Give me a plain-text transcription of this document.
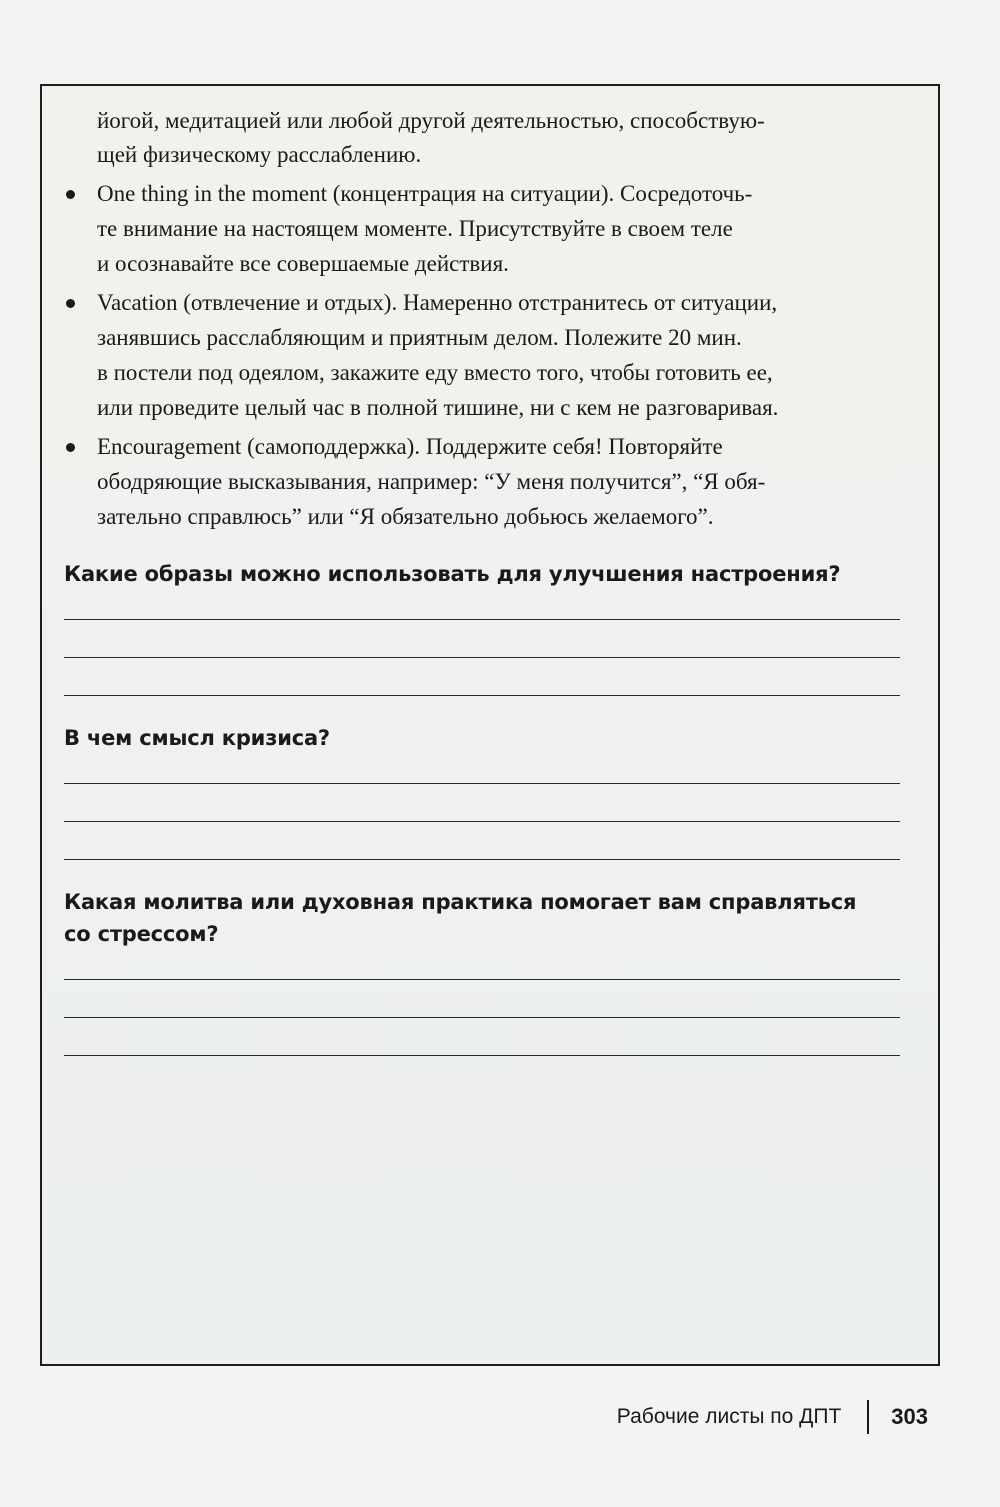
йогой, медитацией или любой другой деятельностью, способствую-

щей физическому расслаблению.

One thing in the moment (концентрация на ситуации). Сосредоточь-
те внимание на настоящем моменте. Присутствуйте в своем теле
и осознавайте все совершаемые действия.
Vacation (отвлечение и отдых). Намеренно отстранитесь от ситуации,
занявшись расслабляющим и приятным делом. Полежите 20 мин.
в постели под одеялом, закажите еду вместо того, чтобы готовить ее,
или проведите целый час в полной тишине, ни с кем не разговаривая.
Encouragement (самоподдержка). Поддержите себя! Повторяйте
ободряющие высказывания, например: “У меня получится”, “Я обя-
зательно справлюсь” или “Я обязательно добьюсь желаемого”.

Какие образы можно использовать для улучшения настроения?

В чем смысл кризиса?

Какая молитва или духовная практика помогает вам справляться

со стрессом?

Рабочие листы по ДПТ 303
